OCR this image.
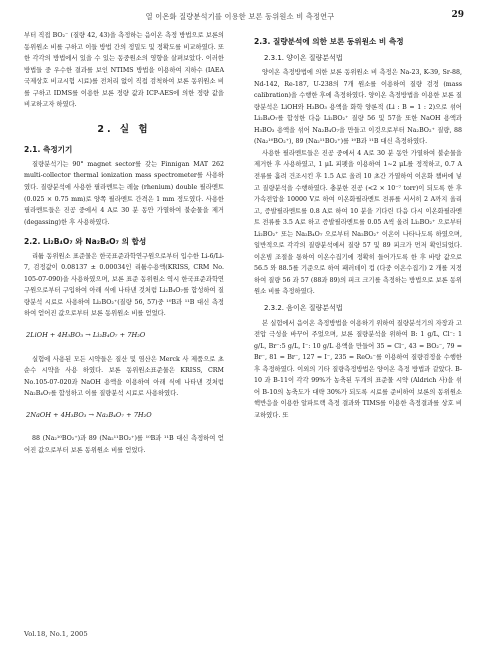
열 이온화 질량분석기를 이용한 보론 동위원소 비 측정연구	29

부터 직접 BO₂⁻ (질량 42, 43)을 측정하는 음이온 측정 방법으로 보론의 동위원소 비를 구하고 이들 방법 간의 정밀도 및 정확도를 비교하였다. 또한 각각의 방법에서 있을 수 있는 동중원소의 영향을 살펴보았다. 이러한 방법들 중 우수한 결과를 보인 NTIMS 방법을 이용하여 지하수 (IAEA 국제상호 비교시험 시료)를 전처리 없이 직접 검척하여 보론 동위원소 비를 구하고 IDMS를 이용한 보론 정량 값과 ICP-AES에 의한 정량 값을 비교하고자 하였다.

2. 실 험
2.1. 측정기기

질량분석기는 90° magnet sector를 갖는 Finnigan MAT 262 multi-collector thermal ionization mass spectrometer를 사용하였다. 질량분석에 사용한 필라멘트는 레늄 (rhenium) double 필라멘트 (0.025 × 0.75 mm)로 양쪽 필라멘트 간격은 1 mm 정도였다. 사용한 필라멘트들은 진공 중에서 4 A로 30 분 동안 가열하여 불순물을 제거 (degassing)한 후 사용하였다.

2.2. Li₂B₄O₇ 와 Na₂B₄O₇ 의 합성

리튬 동위원소 표준물은 한국표준과학연구원으로부터 입수한 Li-6/Li-7, 검정값이 0.08137 ± 0.00034인 리튬수용액(KRISS, CRM No. 105-07-090)을 사용하였으며, 보론 표준 동위원소 역시 한국표준과학연구원으로부터 구입하여 아래 식에 나타낸 것처럼 Li₂B₄O₇를 합성하여 질량분석 시료로 사용하여 Li₂BO₂⁺(질량 56, 57)중 ¹⁰B과 ¹¹B 대신 측정하여 얻어진 값으로부터 보론 동위원소 비를 얻었다.

2LiOH + 4H₃BO₃ → Li₂B₄O₇ + 7H₂O

실험에 사용된 모든 시약들은 질산 및 염산은 Merck 사 제품으로 초 순수 시약을 사용 하였다. 보론 동위원소표준물은 KRISS, CRM No.105-07-020과 NaOH 용액을 이용하여 아래 식에 나타낸 것처럼 Na₂B₄O₇를 합성하고 이를 질량분석 시료로 사용하였다.

2NaOH + 4H₃BO₃ → Na₂B₄O₇ + 7H₂O

88 (Na₂¹⁰BO₂⁺)과 89 (Na₂¹¹BO₂⁺)를 ¹⁰B과 ¹¹B 대신 측정하여 얻어진 값으로부터 보론 동위원소 비를 얻었다.

2.3. 질량분석에 의한 보론 동위원소 비 측정
2.3.1. 양이온 질량분석법

양이온 측정방법에 의한 보론 동위원소 비 측정은 Na-23, K-39, Sr-88, Nd-142, Re-187, U-238의 7개 원소를 이용하여 질량 검정 (mass calibration)을 수행한 후에 측정하였다. 양이온 측정방법을 이용한 보론 질량분석은 LiOH와 H₃BO₃ 용액을 화학 양론적 (Li : B = 1 : 2)으로 섞어 Li₂B₄O₇를 합성한 다음 Li₂BO₂⁺ 질량 56 및 57을 또한 NaOH 용액과 H₃BO₃ 용액을 섞어 Na₂B₄O₇을 만들고 이것으로부터 Na₂BO₂⁺ 질량, 88 (Na₂¹⁰BO₂⁺), 89 (Na₂¹¹BO₂⁺)를 ¹⁰B과 ¹¹B 대신 측정하였다.

사용한 필라멘트들은 진공 중에서 4 A로 30 분 동안 가열하여 불순물을 제거한 후 사용하였고, 1 μL 피펫을 이용하여 1~2 μL를 정적하고, 0.7 A 전류를 흘려 건조시킨 후 1.5 A로 올려 10 초간 가열하여 이온화 챔버에 넣고 질량분석을 수행하였다. 충분한 진공 (<2 × 10⁻⁷ torr)이 되도록 한 후 가속전압을 10000 V로 하여 이온화필라멘트 전류를 서서히 2 A까지 올리고, 증발필라멘트를 0.8 A로 하여 10 분을 기다린 다음 다시 이온화필라멘트 전류를 3.5 A로 하고 증발필라멘트를 0.05 A씩 올려 Li₂BO₂⁺ 으로부터 Li₂BO₂⁺ 또는 Na₂B₄O₇ 으로부터 Na₂BO₂⁺ 이온이 나타나도록 하였으며, 일반적으로 각각의 질량분석에서 질량 57 및 89 피크가 먼저 확인되었다. 이온빔 조절을 통하여 이온수집기에 정확히 들어가도록 한 후 바탕 값으로 56.5 와 88.5를 기준으로 하여 패러데이 컵 (다중 이온수집기) 2 개를 지정하여 질량 56 과 57 (88과 89)의 피크 크기를 측정하는 방법으로 보론 동위원소 비를 측정하였다.

2.3.2. 음이온 질량분석법

본 실험에서 음이온 측정방법을 이용하기 위하여 질량분석기의 자장과 고전압 극성을 바꾸어 주었으며, 보론 질량분석을 위하여 B: 1 g/L, Cl⁻: 1 g/L, Br⁻:5 g/L, I⁻: 10 g/L 용액을 만들어 35 = Cl⁻, 43 = BO₂⁻, 79 = Br⁻, 81 = Br⁻, 127 = I⁻, 235 = ReO₂⁻를 이용하여 질량검정을 수행한 후 측정하였다. 이외의 기타 질량측정방법은 양이온 측정 방법과 같았다. B-10 과 B-11이 각각 99%가 농축된 두개의 표준물 시약 (Aldrich 사)을 섞어 B-10의 농축도가 대략 30%가 되도록 시료를 준비하여 보론의 동위원소 핵반응을 이용한 알파트랙 측정 결과와 TIMS를 이용한 측정결과를 상호 비교하였다. 또

Vol.18, No.1, 2005
